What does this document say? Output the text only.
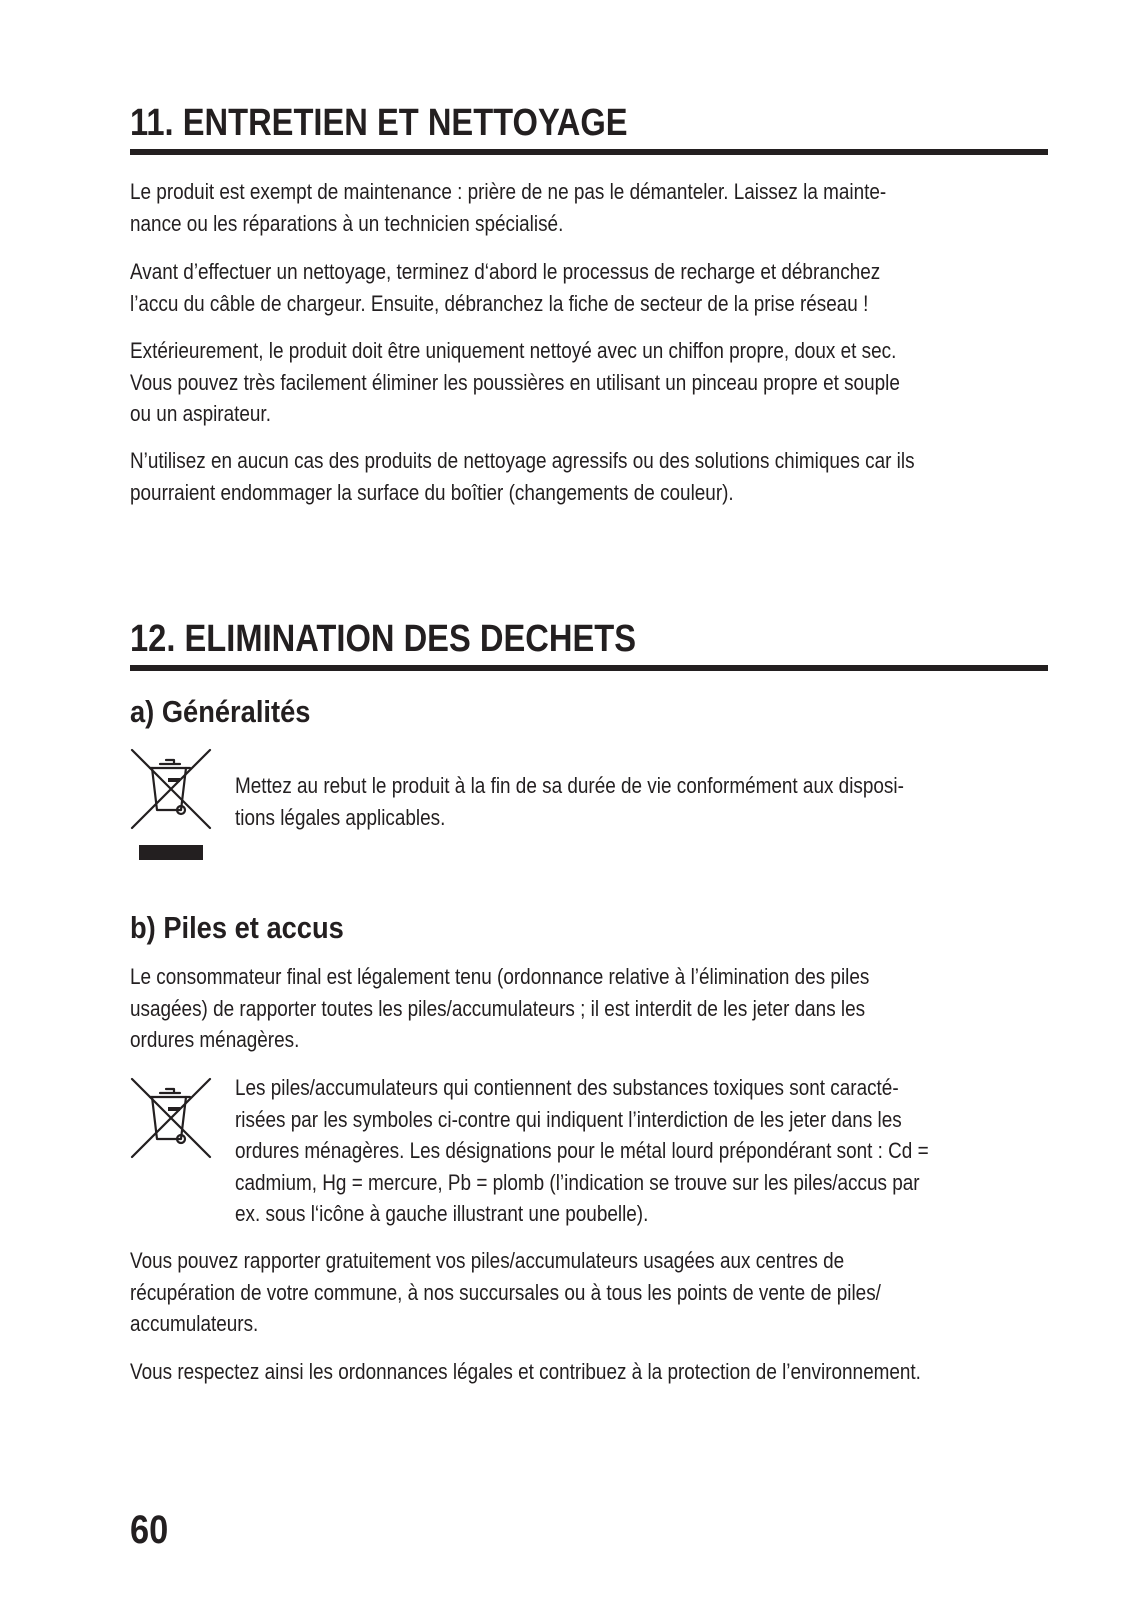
11. ENTRETIEN ET NETTOYAGE

Le produit est exempt de maintenance : prière de ne pas le démanteler. Laissez la mainte-
nance ou les réparations à un technicien spécialisé.

Avant d’effectuer un nettoyage, terminez d‘abord le processus de recharge et débranchez
l’accu du câble de chargeur. Ensuite, débranchez la fiche de secteur de la prise réseau !

Extérieurement, le produit doit être uniquement nettoyé avec un chiffon propre, doux et sec.
Vous pouvez très facilement éliminer les poussières en utilisant un pinceau propre et souple
ou un aspirateur.

N’utilisez en aucun cas des produits de nettoyage agressifs ou des solutions chimiques car ils
pourraient endommager la surface du boîtier (changements de couleur).

12. ELIMINATION DES DECHETS
a) Généralités

Mettez au rebut le produit à la fin de sa durée de vie conformément aux disposi-
tions légales applicables.

b) Piles et accus

Le consommateur final est légalement tenu (ordonnance relative à l’élimination des piles
usagées) de rapporter toutes les piles/accumulateurs ; il est interdit de les jeter dans les
ordures ménagères.

Les piles/accumulateurs qui contiennent des substances toxiques sont caracté-
risées par les symboles ci-contre qui indiquent l’interdiction de les jeter dans les
ordures ménagères. Les désignations pour le métal lourd prépondérant sont : Cd =
cadmium, Hg = mercure, Pb = plomb (l’indication se trouve sur les piles/accus par
ex. sous l‘icône à gauche illustrant une poubelle).

Vous pouvez rapporter gratuitement vos piles/accumulateurs usagées aux centres de
récupération de votre commune, à nos succursales ou à tous les points de vente de piles/
accumulateurs.

Vous respectez ainsi les ordonnances légales et contribuez à la protection de l’environnement.

60
